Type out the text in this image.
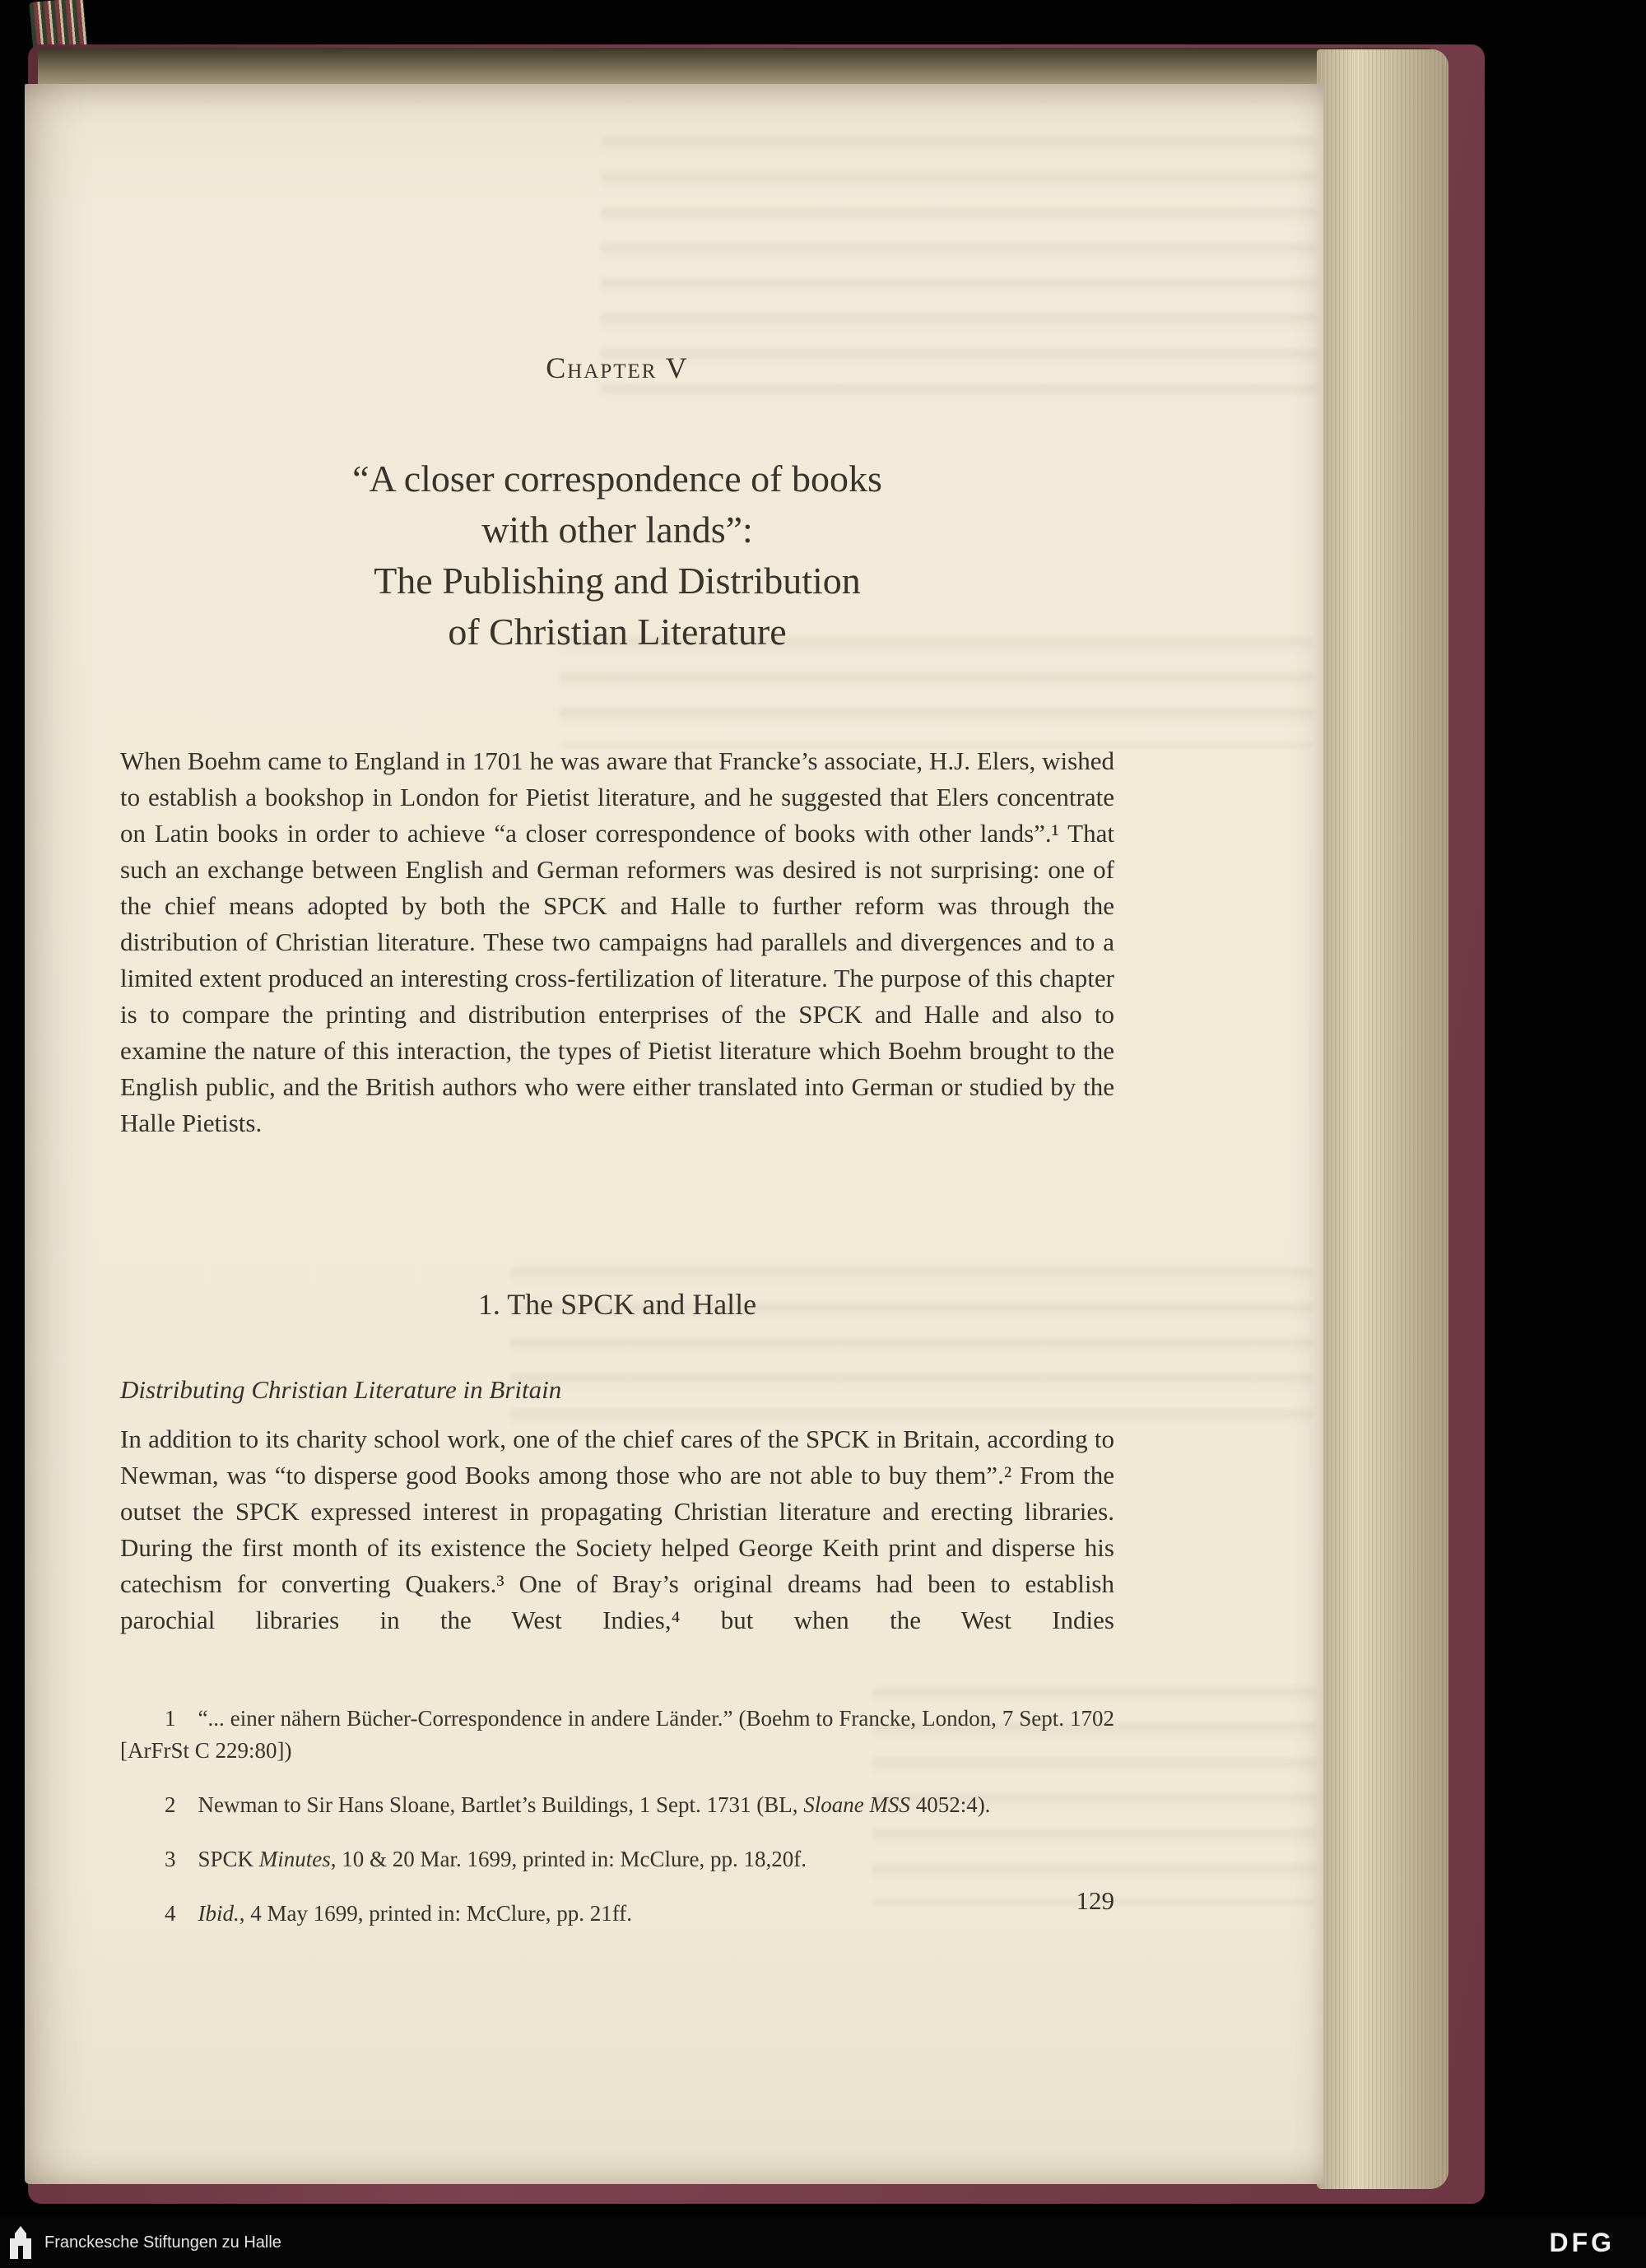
Chapter V
“A closer correspondence of books
with other lands”:
The Publishing and Distribution
of Christian Literature

When Boehm came to England in 1701 he was aware that Francke’s associate, H.J. Elers, wished to establish a bookshop in London for Pietist literature, and he suggested that Elers concentrate on Latin books in order to achieve “a closer correspondence of books with other lands”.¹ That such an exchange between English and German reformers was desired is not surprising: one of the chief means adopted by both the SPCK and Halle to further reform was through the distribution of Christian literature. These two campaigns had parallels and divergences and to a limited extent produced an interesting cross-fertilization of literature. The purpose of this chapter is to compare the printing and distribution enterprises of the SPCK and Halle and also to examine the nature of this interaction, the types of Pietist literature which Boehm brought to the English public, and the British authors who were either translated into German or studied by the Halle Pietists.

1. The SPCK and Halle
Distributing Christian Literature in Britain

In addition to its charity school work, one of the chief cares of the SPCK in Britain, according to Newman, was “to disperse good Books among those who are not able to buy them”.² From the outset the SPCK expressed interest in propagating Christian literature and erecting libraries. During the first month of its existence the Society helped George Keith print and disperse his catechism for converting Quakers.³ One of Bray’s original dreams had been to establish parochial libraries in the West Indies,⁴ but when the West Indies

1 “... einer nähern Bücher-Correspondence in andere Länder.” (Boehm to Francke, London, 7 Sept. 1702 [ArFrSt C 229:80])

2 Newman to Sir Hans Sloane, Bartlet’s Buildings, 1 Sept. 1731 (BL, Sloane MSS 4052:4).

3 SPCK Minutes, 10 & 20 Mar. 1699, printed in: McClure, pp. 18,20f.

4 Ibid., 4 May 1699, printed in: McClure, pp. 21ff.	129
Franckesche Stiftungen zu Halle	DFG
